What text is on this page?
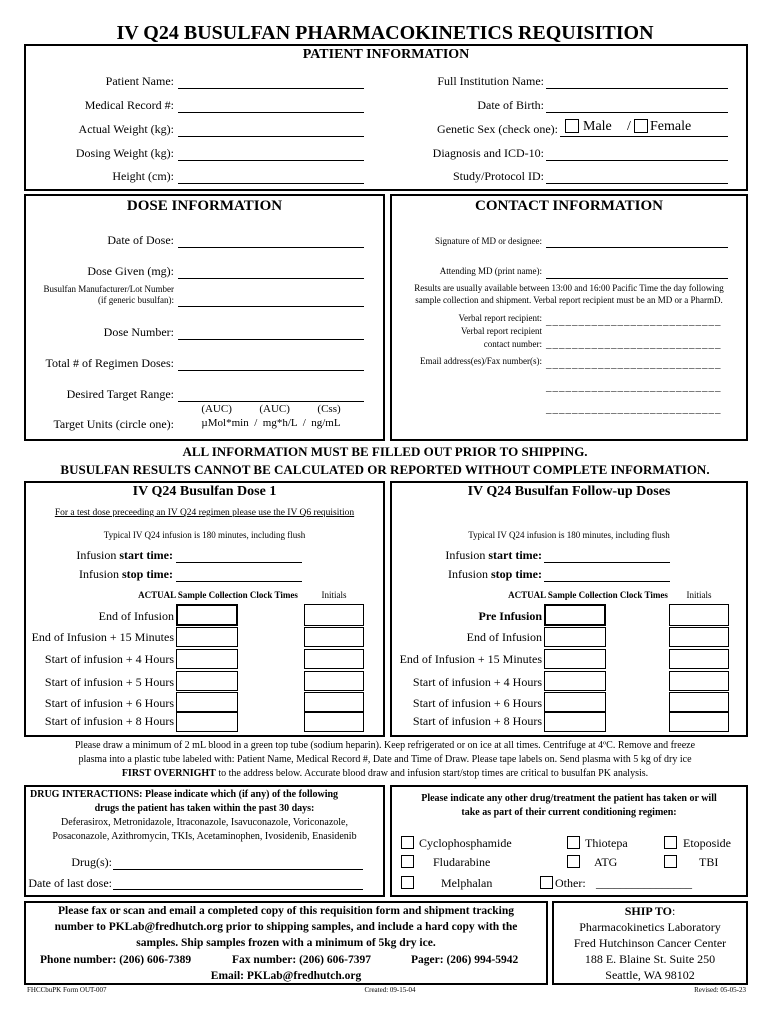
IV Q24 BUSULFAN PHARMACOKINETICS REQUISITION
PATIENT INFORMATION
Patient Name:
Medical Record #:
Actual Weight (kg):
Dosing Weight (kg):
Height (cm):
Full Institution Name:
Date of Birth:
Genetic Sex (check one): Male / Female
Diagnosis and ICD-10:
Study/Protocol ID:
DOSE INFORMATION
Date of Dose:
Dose Given (mg):
Busulfan Manufacturer/Lot Number
(if generic busulfan):
Dose Number:
Total # of Regimen Doses:
Desired Target Range:
(AUC)          (AUC)          (Css)
Target Units (circle one):	µMol*min  /  mg*h/L  /  ng/mL
CONTACT INFORMATION
Signature of MD or designee:
Attending MD (print name):
Results are usually available between 13:00 and 16:00 Pacific Time the day following
sample collection and shipment. Verbal report recipient must be an MD or a PharmD.
Verbal report recipient: ___________________________
Verbal report recipient
contact number: ___________________________
Email address(es)/Fax number(s): ___________________________
___________________________
___________________________
ALL INFORMATION MUST BE FILLED OUT PRIOR TO SHIPPING.
BUSULFAN RESULTS CANNOT BE CALCULATED OR REPORTED WITHOUT COMPLETE INFORMATION.
IV Q24 Busulfan Dose 1
For a test dose preceeding an IV Q24 regimen please use the IV Q6 requisition
Typical IV Q24 infusion is 180 minutes, including flush
Infusion start time:
Infusion stop time:
ACTUAL Sample Collection Clock Times	Initials
IV Q24 Busulfan Follow-up Doses
Typical IV Q24 infusion is 180 minutes, including flush
Infusion start time:
Infusion stop time:
ACTUAL Sample Collection Clock Times	Initials
End of Infusion
End of Infusion + 15 Minutes
Start of infusion + 4 Hours
Start of infusion + 5 Hours
Start of infusion + 6 Hours
Start of infusion + 8 Hours
Pre Infusion
End of Infusion
End of Infusion + 15 Minutes
Start of infusion + 4 Hours
Start of infusion + 6 Hours
Start of infusion + 8 Hours
Please draw a minimum of 2 mL blood in a green top tube (sodium heparin). Keep refrigerated or on ice at all times. Centrifuge at 4ºC. Remove and freeze
plasma into a plastic tube labeled with: Patient Name, Medical Record #, Date and Time of Draw. Please tape labels on. Send plasma with 5 kg of dry ice
FIRST OVERNIGHT to the address below. Accurate blood draw and infusion start/stop times are critical to busulfan PK analysis.
DRUG INTERACTIONS: Please indicate which (if any) of the following
drugs the patient has taken within the past 30 days:
Deferasirox, Metronidazole, Itraconazole, Isavuconazole, Voriconazole,
Posaconazole, Azithromycin, TKIs, Acetaminophen, Ivosidenib, Enasidenib
Drug(s):
Date of last dose:
Please indicate any other drug/treatment the patient has taken or will
take as part of their current conditioning regimen:
Cyclophosphamide	Thiotepa	Etoposide
Fludarabine	ATG	TBI
Melphalan	Other: ________________
Please fax or scan and email a completed copy of this requisition form and shipment tracking
number to PKLab@fredhutch.org prior to shipping samples, and include a hard copy with the
samples. Ship samples frozen with a minimum of 5kg dry ice.
Phone number: (206) 606-7389	Fax number: (206) 606-7397	Pager: (206) 994-5942
Email: PKLab@fredhutch.org
SHIP TO:
Pharmacokinetics Laboratory
Fred Hutchinson Cancer Center
188 E. Blaine St. Suite 250
Seattle, WA 98102
FHCCbuPK Form OUT-007	Created: 09-15-04	Revised: 05-05-23
